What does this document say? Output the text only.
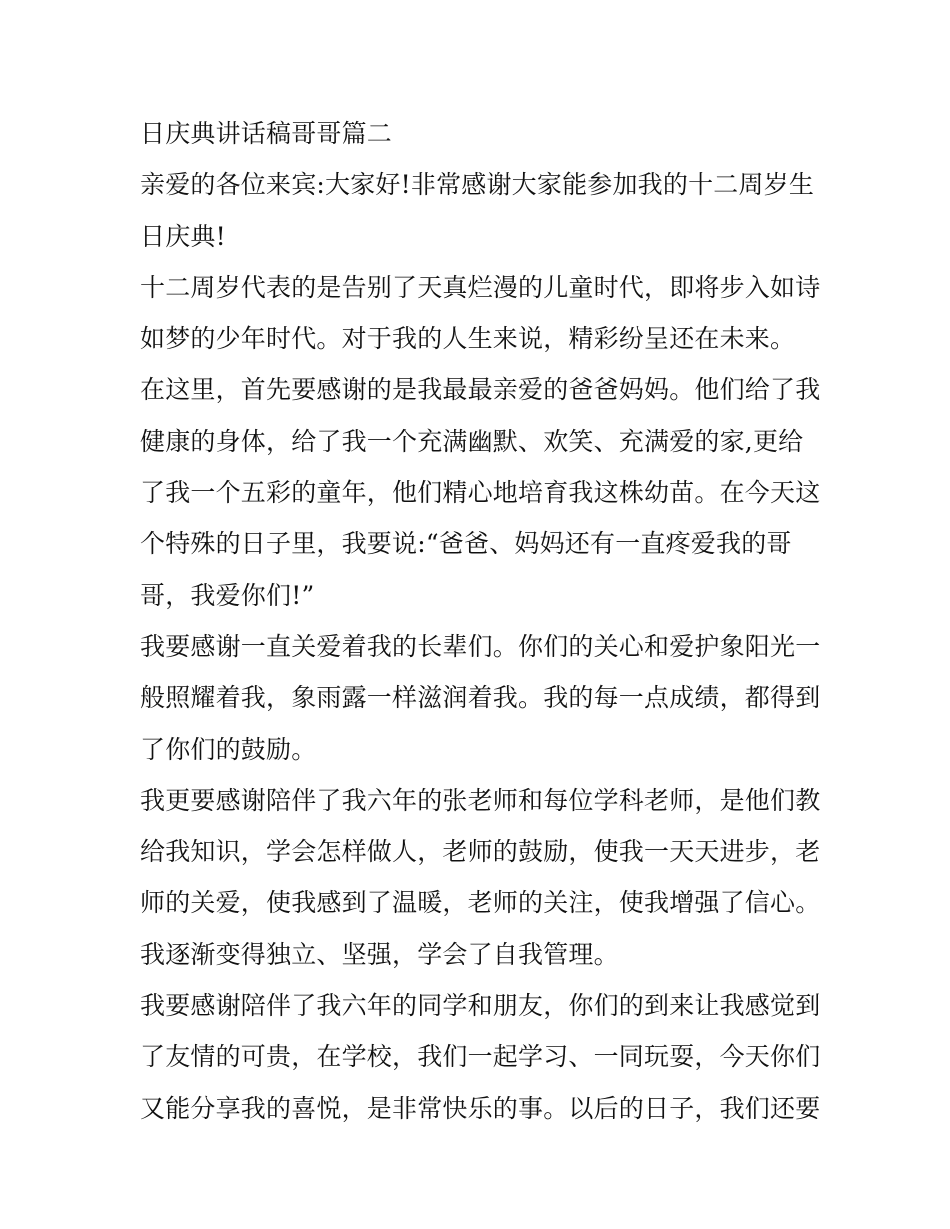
日庆典讲话稿哥哥篇二
亲爱的各位来宾:大家好!非常感谢大家能参加我的十二周岁生
日庆典!
十二周岁代表的是告别了天真烂漫的儿童时代，即将步入如诗
如梦的少年时代。对于我的人生来说，精彩纷呈还在未来。
在这里，首先要感谢的是我最最亲爱的爸爸妈妈。他们给了我
健康的身体，给了我一个充满幽默、欢笑、充满爱的家,更给
了我一个五彩的童年，他们精心地培育我这株幼苗。在今天这
个特殊的日子里，我要说:“爸爸、妈妈还有一直疼爱我的哥
哥，我爱你们!”
我要感谢一直关爱着我的长辈们。你们的关心和爱护象阳光一
般照耀着我，象雨露一样滋润着我。我的每一点成绩，都得到
了你们的鼓励。
我更要感谢陪伴了我六年的张老师和每位学科老师，是他们教
给我知识，学会怎样做人，老师的鼓励，使我一天天进步，老
师的关爱，使我感到了温暖，老师的关注，使我增强了信心。
我逐渐变得独立、坚强，学会了自我管理。
我要感谢陪伴了我六年的同学和朋友，你们的到来让我感觉到
了友情的可贵，在学校，我们一起学习、一同玩耍，今天你们
又能分享我的喜悦，是非常快乐的事。以后的日子，我们还要
